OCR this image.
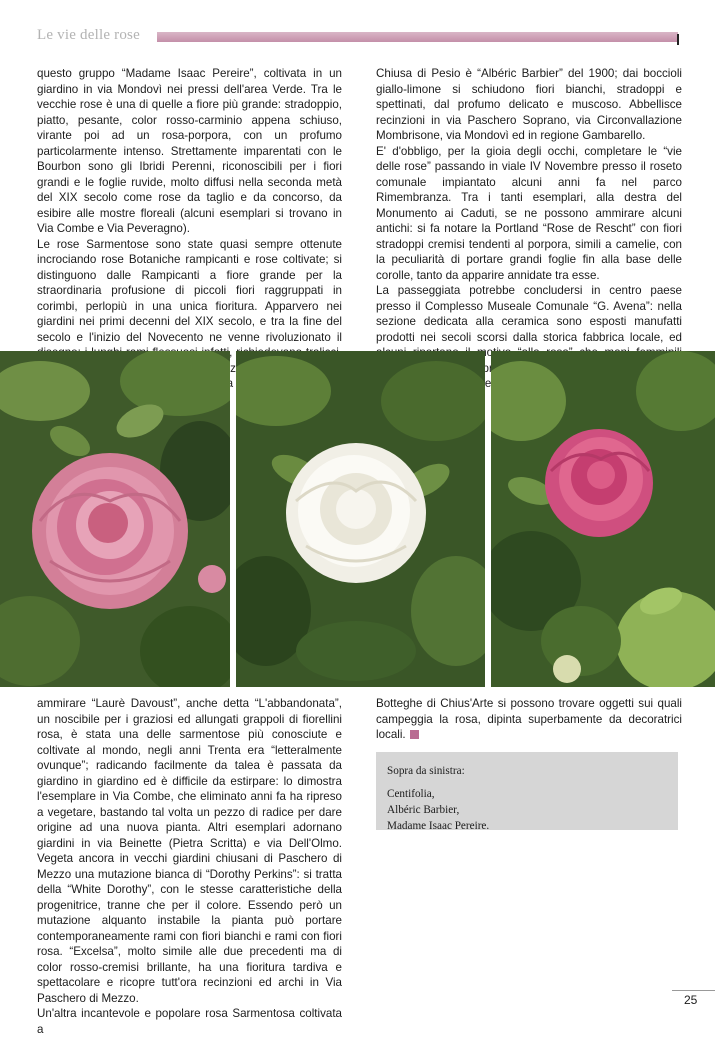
Le vie delle rose

questo gruppo “Madame Isaac Pereire”, coltivata in un giardino in via Mondovì nei pressi dell'area Verde. Tra le vecchie rose è una di quelle a fiore più grande: stradoppio, piatto, pesante, color rosso-carminio appena schiuso, virante poi ad un rosa-porpora, con un profumo particolarmente intenso. Strettamente imparentati con le Bourbon sono gli Ibridi Perenni, riconoscibili per i fiori grandi e le foglie ruvide, molto diffusi nella seconda metà del XIX secolo come rose da taglio e da concorso, da esibire alle mostre floreali (alcuni esemplari si trovano in Via Combe e Via Peveragno).

Le rose Sarmentose sono state quasi sempre ottenute incrociando rose Botaniche rampicanti e rose coltivate; si distinguono dalle Rampicanti a fiore grande per la straordinaria profusione di piccoli fiori raggruppati in corimbi, perlopiù in una unica fioritura. Apparvero nei giardini nei primi decenni del XIX secolo, e tra la fine del secolo e l'inizio del Novecento ne venne rivoluzionato il

Chiusa di Pesio è “Albéric Barbier” del 1900; dai boccioli giallo-limone si schiudono fiori bianchi, stradoppi e spettinati, dal profumo delicato e muscoso. Abbellisce recinzioni in via Paschero Soprano, via Circonvallazione Mombrisone, via Mondovì ed in regione Gambarello.

E' d'obbligo, per la gioia degli occhi, completare le “vie delle rose” passando in viale IV Novembre presso il roseto comunale impiantato alcuni anni fa nel parco Rimembranza. Tra i tanti esemplari, alla destra del Monumento ai Caduti, se ne possono ammirare alcuni antichi: si fa notare la Portland “Rose de Rescht” con fiori stradoppi cremisi tendenti al porpora, simili a camelie, con la peculiarità di portare grandi foglie fin alla base delle corolle, tanto da apparire annidate tra esse.

La passeggiata potrebbe concludersi in centro paese presso il Complesso Museale Comunale “G. Avena”: nella sezione dedicata alla ceramica sono esposti manufatti prodotti nei secoli scorsi dalla storica fabbrica locale, ed interpretare

ammirare “Laurè Davoust”, anche detta “L'abbandonata”, un noscibile per i graziosi ed allungati grappoli di fiorellini rosa, è stata una delle sarmentose più conosciute e coltivate al mondo, negli anni Trenta era “letteralmente ovunque”; radicando facilmente da talea è passata da giardino in giardino ed è difficile da estirpare: lo dimostra l'esemplare in Via Combe, che eliminato anni fa ha ripreso a vegetare, bastando tal volta un pezzo di radice per dare origine ad una nuova pianta. Altri esemplari adornano giardini in via Beinette (Pietra Scritta) e via Dell'Olmo. Vegeta ancora in vecchi giardini chiusani di Paschero di Mezzo una mutazione bianca di “Dorothy Perkins”: si tratta della “White Dorothy”, con le stesse caratteristiche della progenitrice, tranne che per il colore. Essendo però un mutazione alquanto instabile la pianta può portare contemporaneamente rami con fiori bianchi e rami con fiori rosa. “Excelsa”, molto simile alle due precedenti ma di color rosso-cremisi brillante, ha una fioritura tardiva e spettacolare e ricopre tutt'ora recinzioni ed archi in Via Paschero di Mezzo.

Un'altra incantevole e popolare rosa Sarmentosa coltivata a

Botteghe di Chius'Arte si possono trovare oggetti sui quali campeggia la rosa, dipinta superbamente da decoratrici locali.

Sopra da sinistra:

Centifolia,

Albéric Barbier,

Madame Isaac Pereire.

25
